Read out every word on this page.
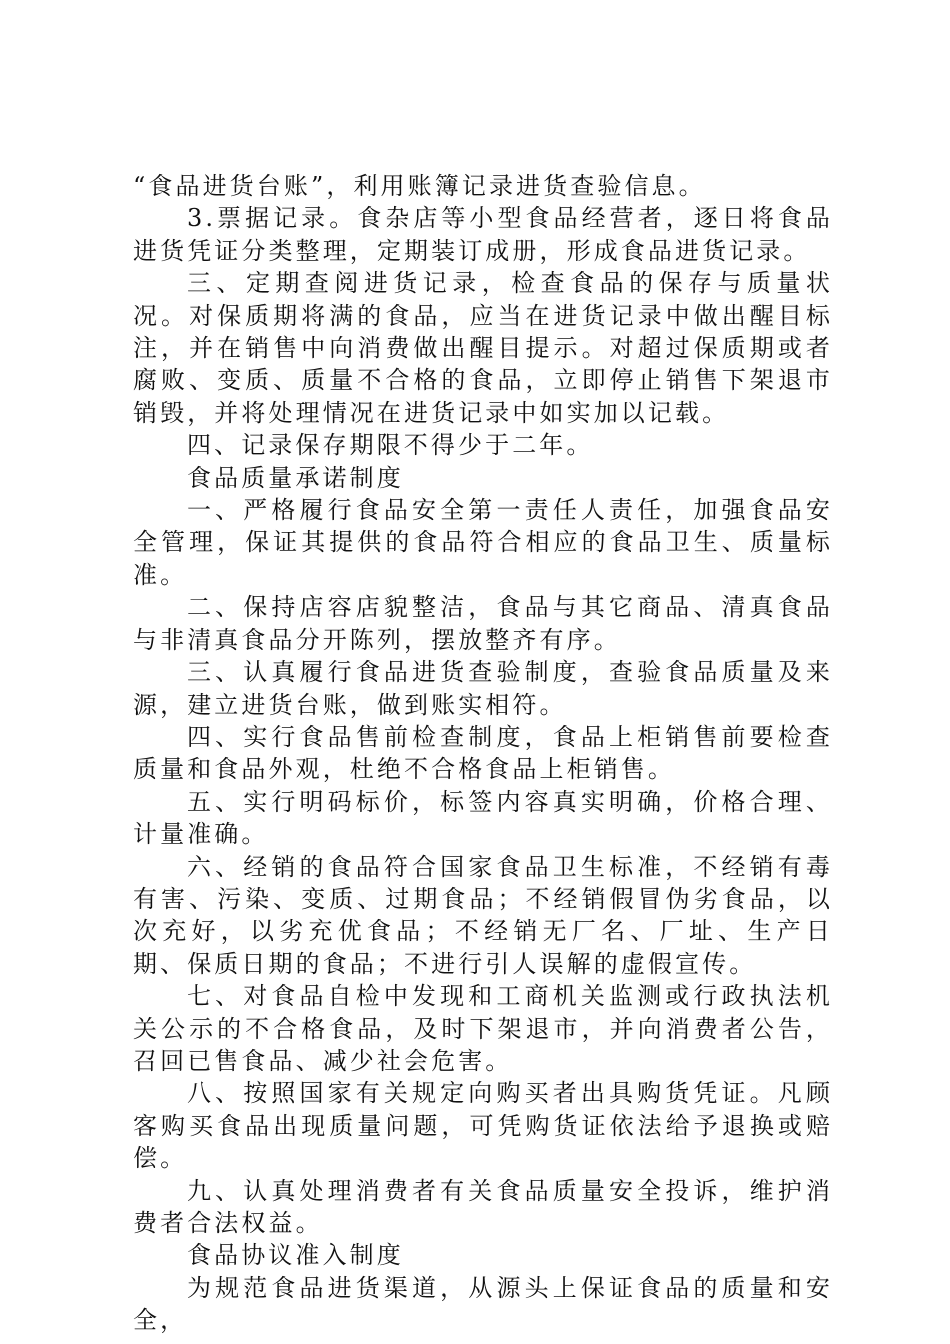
“食品进货台账”，利用账簿记录进货查验信息。

3.票据记录。食杂店等小型食品经营者，逐日将食品进货凭证分类整理，定期装订成册，形成食品进货记录。

三、定期查阅进货记录，检查食品的保存与质量状况。对保质期将满的食品，应当在进货记录中做出醒目标注，并在销售中向消费做出醒目提示。对超过保质期或者腐败、变质、质量不合格的食品，立即停止销售下架退市销毁，并将处理情况在进货记录中如实加以记载。

四、记录保存期限不得少于二年。

食品质量承诺制度

一、严格履行食品安全第一责任人责任，加强食品安全管理，保证其提供的食品符合相应的食品卫生、质量标准。

二、保持店容店貌整洁，食品与其它商品、清真食品与非清真食品分开陈列，摆放整齐有序。

三、认真履行食品进货查验制度，查验食品质量及来源，建立进货台账，做到账实相符。

四、实行食品售前检查制度，食品上柜销售前要检查质量和食品外观，杜绝不合格食品上柜销售。

五、实行明码标价，标签内容真实明确，价格合理、计量准确。

六、经销的食品符合国家食品卫生标准，不经销有毒有害、污染、变质、过期食品；不经销假冒伪劣食品，以次充好，以劣充优食品；不经销无厂名、厂址、生产日期、保质日期的食品；不进行引人误解的虚假宣传。

七、对食品自检中发现和工商机关监测或行政执法机关公示的不合格食品，及时下架退市，并向消费者公告，召回已售食品、减少社会危害。

八、按照国家有关规定向购买者出具购货凭证。凡顾客购买食品出现质量问题，可凭购货证依法给予退换或赔偿。

九、认真处理消费者有关食品质量安全投诉，维护消费者合法权益。

食品协议准入制度

为规范食品进货渠道，从源头上保证食品的质量和安全，
